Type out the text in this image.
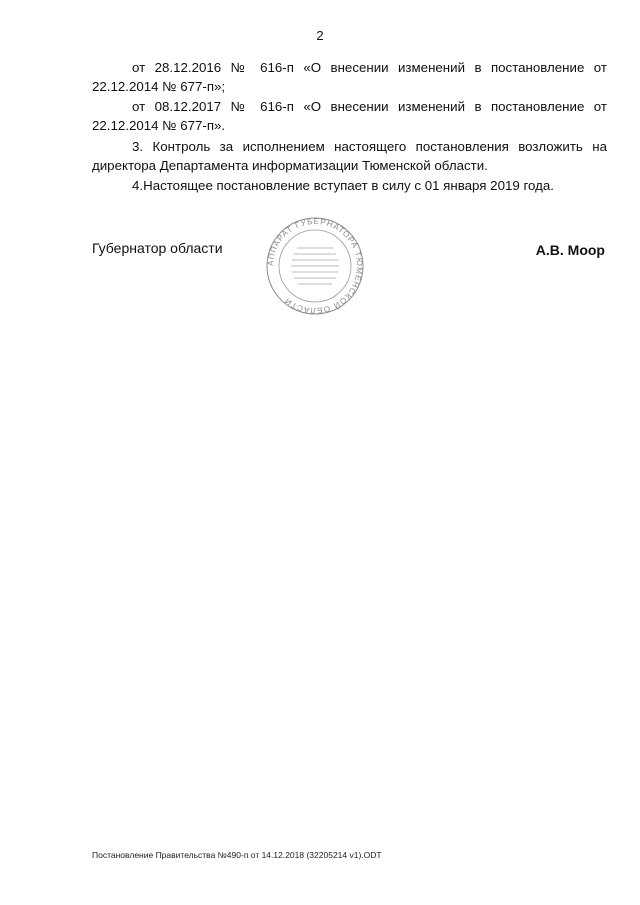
2

от 28.12.2016 № 616-п «О внесении изменений в постановление от
22.12.2014 № 677-п»;

от 08.12.2017 № 616-п «О внесении изменений в постановление от
22.12.2014 № 677-п».

3. Контроль за исполнением настоящего постановления возложить на
директора Департамента информатизации Тюменской области.

4.Настоящее постановление вступает в силу с 01 января 2019 года.

Губернатор области
АППАРАТ ГУБЕРНАТОРА ТЮМЕНСКОЙ ОБЛАСТИ
А.В. Моор
Постановление Правительства №490-п от 14.12.2018 (32205214 v1).ODT
